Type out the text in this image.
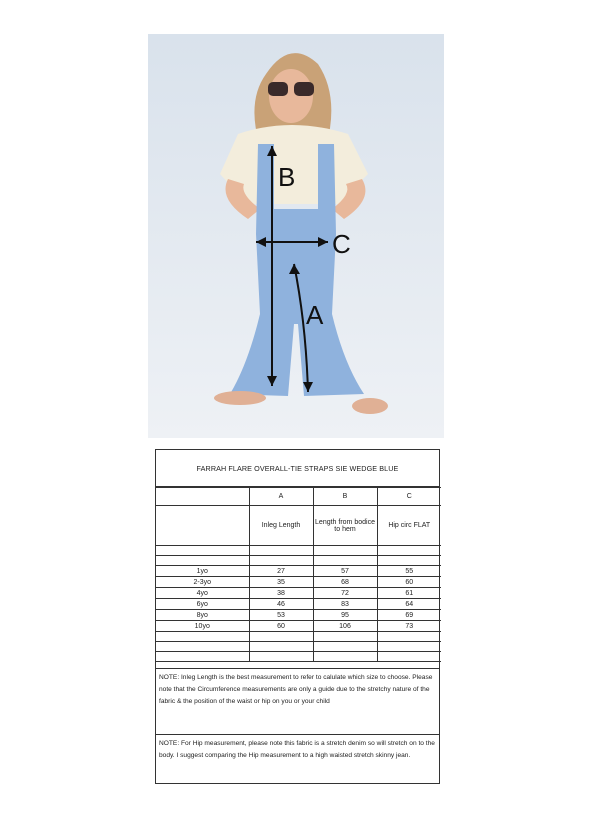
B
C
A
FARRAH FLARE OVERALL-TIE STRAPS SIE WEDGE BLUE
	A	B	C
	Inleg Length	Length from bodice to hem	Hip circ FLAT

1yo	27	57	55
2-3yo	35	68	60
4yo	38	72	61
6yo	46	83	64
8yo	53	95	69
10yo	60	106	73

NOTE: Inleg Length is the best measurement to refer to calulate which size to choose. Please note that the Circumference measurements are only a guide due to the stretchy nature of the fabric & the position of the waist or hip on you or your child
NOTE: For Hip measurement, please note this fabric is a stretch denim so will stretch on to the body. I suggest comparing the Hip measurement to a high waisted stretch skinny jean.
